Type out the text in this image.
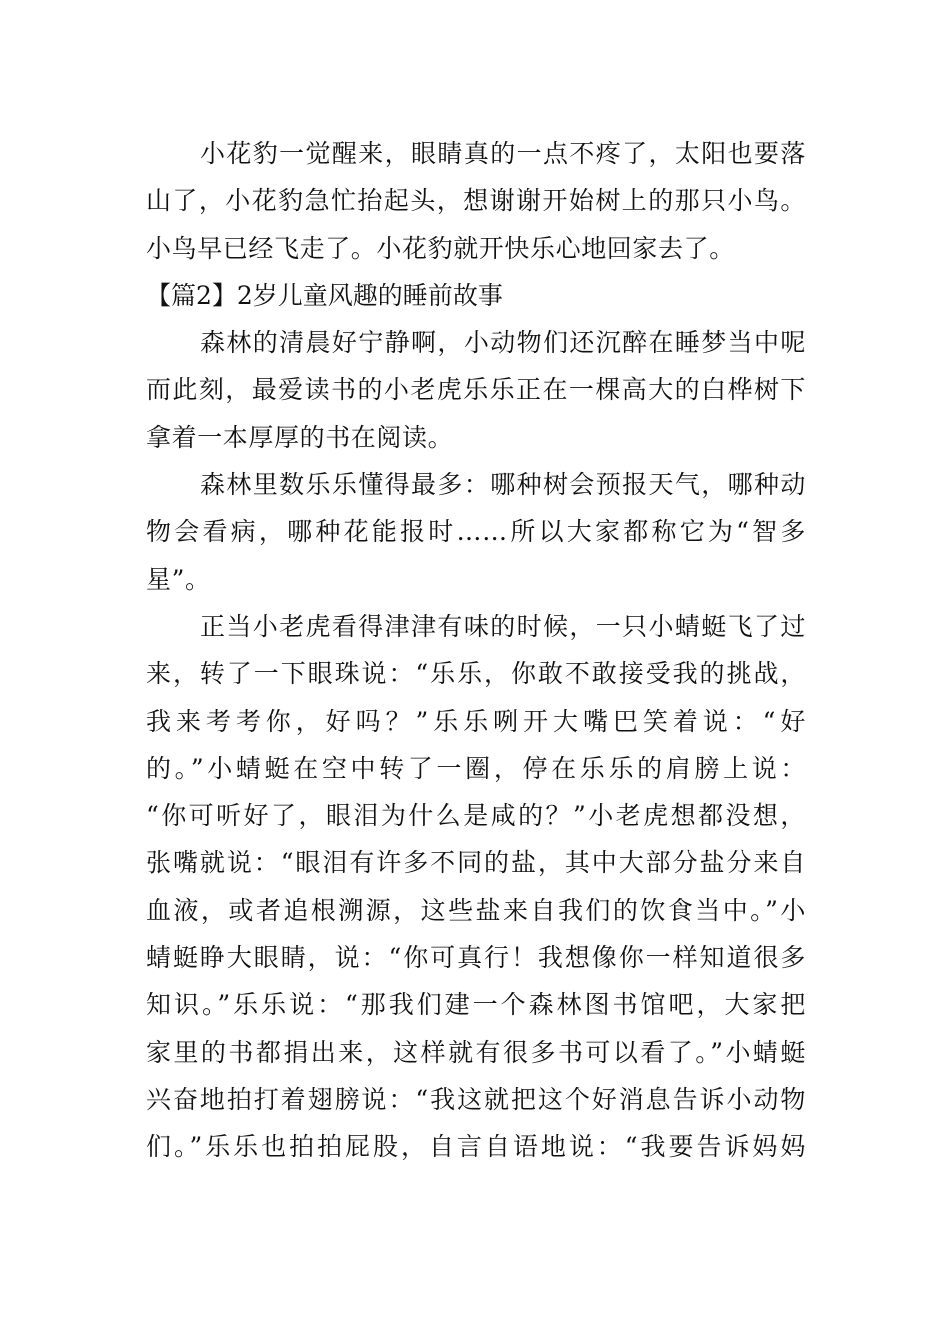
小花豹一觉醒来，眼睛真的一点不疼了，太阳也要落
山了，小花豹急忙抬起头，想谢谢开始树上的那只小鸟。
小鸟早已经飞走了。小花豹就开快乐心地回家去了。
【篇2】2岁儿童风趣的睡前故事
森林的清晨好宁静啊，小动物们还沉醉在睡梦当中呢
而此刻，最爱读书的小老虎乐乐正在一棵高大的白桦树下
拿着一本厚厚的书在阅读。
森林里数乐乐懂得最多：哪种树会预报天气，哪种动
物会看病，哪种花能报时……所以大家都称它为“智多
星”。
正当小老虎看得津津有味的时候，一只小蜻蜓飞了过
来，转了一下眼珠说：“乐乐，你敢不敢接受我的挑战，
我来考考你，好吗？”乐乐咧开大嘴巴笑着说：“好
的。”小蜻蜓在空中转了一圈，停在乐乐的肩膀上说：
“你可听好了，眼泪为什么是咸的？”小老虎想都没想，
张嘴就说：“眼泪有许多不同的盐，其中大部分盐分来自
血液，或者追根溯源，这些盐来自我们的饮食当中。”小
蜻蜓睁大眼睛，说：“你可真行！我想像你一样知道很多
知识。”乐乐说：“那我们建一个森林图书馆吧，大家把
家里的书都捐出来，这样就有很多书可以看了。”小蜻蜓
兴奋地拍打着翅膀说：“我这就把这个好消息告诉小动物
们。”乐乐也拍拍屁股，自言自语地说：“我要告诉妈妈
